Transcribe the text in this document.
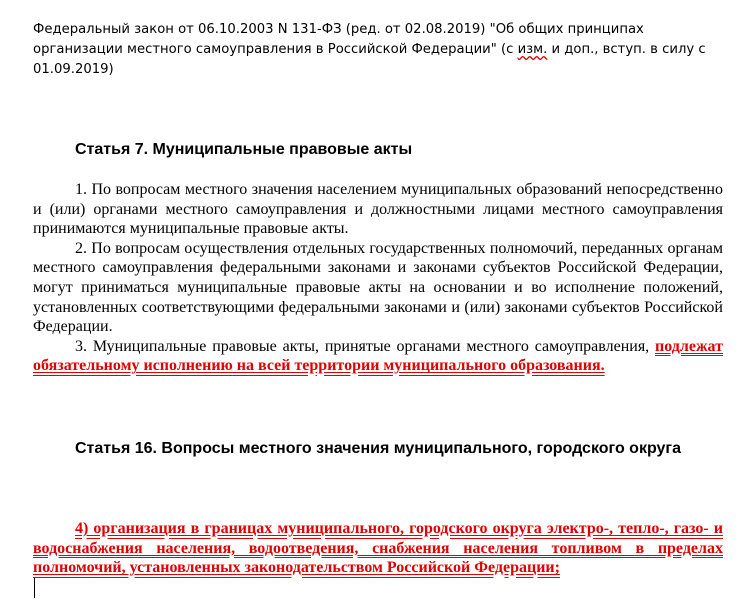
Федеральный закон от 06.10.2003 N 131-ФЗ (ред. от 02.08.2019) "Об общих принципах организации местного самоуправления в Российской Федерации" (с изм. и доп., вступ. в силу с 01.09.2019)
Статья 7. Муниципальные правовые акты

1. По вопросам местного значения населением муниципальных образований непосредственно и (или) органами местного самоуправления и должностными лицами местного самоуправления принимаются муниципальные правовые акты.

2. По вопросам осуществления отдельных государственных полномочий, переданных органам местного самоуправления федеральными законами и законами субъектов Российской Федерации, могут приниматься муниципальные правовые акты на основании и во исполнение положений, установленных соответствующими федеральными законами и (или) законами субъектов Российской Федерации.

3. Муниципальные правовые акты, принятые органами местного самоуправления, подлежат обязательному исполнению на всей территории муниципального образования.

Статья 16. Вопросы местного значения муниципального, городского округа

4) организация в границах муниципального, городского округа электро-, тепло-, газо- и водоснабжения населения, водоотведения, снабжения населения топливом в пределах полномочий, установленных законодательством Российской Федерации;
